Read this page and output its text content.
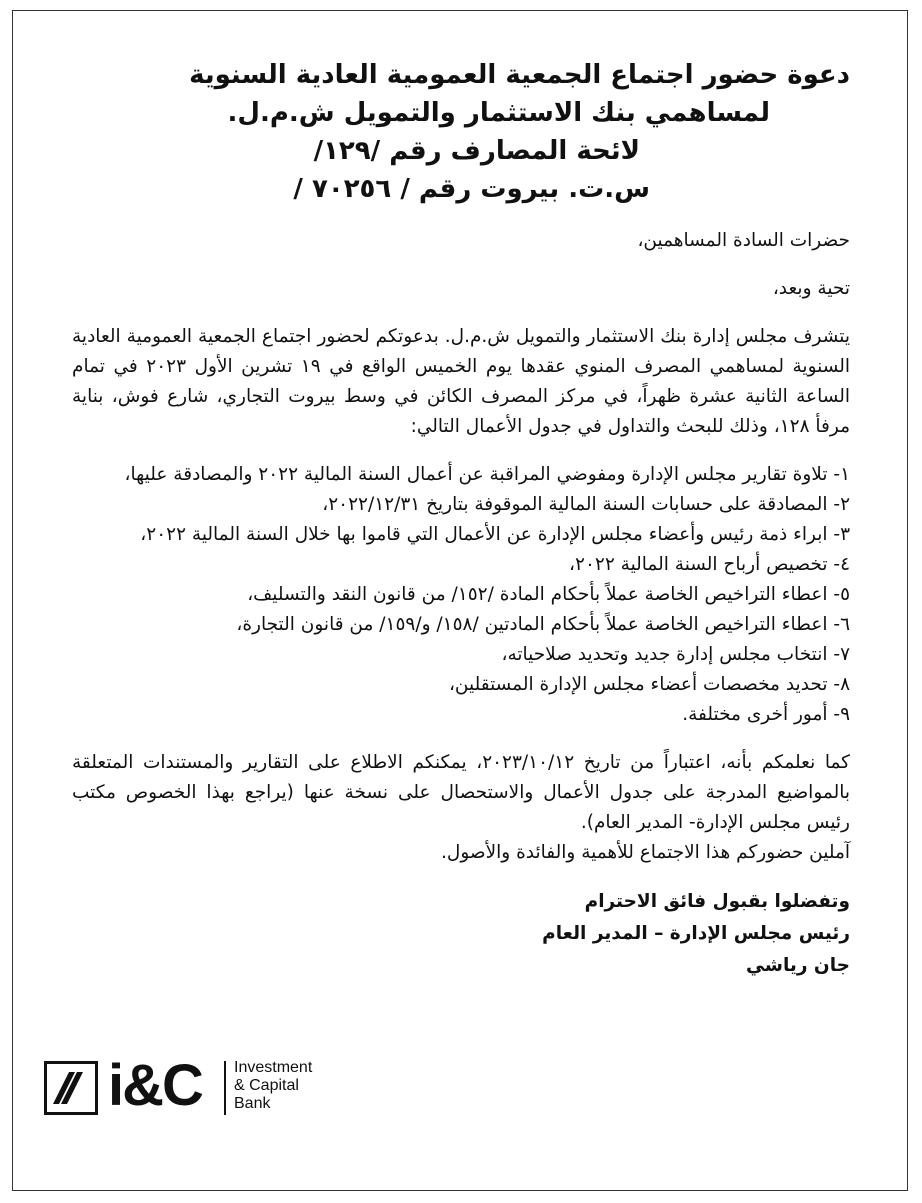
دعوة حضور اجتماع الجمعية العمومية العادية السنوية
لمساهمي بنك الاستثمار والتمويل ش.م.ل.
لائحة المصارف رقم /١٢٩/
س.ت. بيروت رقم / ٧٠٢٥٦ /

حضرات السادة المساهمين،

تحية وبعد،

يتشرف مجلس إدارة بنك الاستثمار والتمويل ش.م.ل. بدعوتكم لحضور اجتماع الجمعية العمومية العادية السنوية لمساهمي المصرف المنوي عقدها يوم الخميس الواقع في ١٩ تشرين الأول ٢٠٢٣ في تمام الساعة الثانية عشرة ظهراً، في مركز المصرف الكائن في وسط بيروت التجاري، شارع فوش، بناية مرفأ ١٢٨، وذلك للبحث والتداول في جدول الأعمال التالي:

١- تلاوة تقارير مجلس الإدارة ومفوضي المراقبة عن أعمال السنة المالية ٢٠٢٢ والمصادقة عليها،
٢- المصادقة على حسابات السنة المالية الموقوفة بتاريخ ٢٠٢٢/١٢/٣١،
٣- ابراء ذمة رئيس وأعضاء مجلس الإدارة عن الأعمال التي قاموا بها خلال السنة المالية ٢٠٢٢،
٤- تخصيص أرباح السنة المالية ٢٠٢٢،
٥- اعطاء التراخيص الخاصة عملاً بأحكام المادة /١٥٢/ من قانون النقد والتسليف،
٦- اعطاء التراخيص الخاصة عملاً بأحكام المادتين /١٥٨/ و/١٥٩/ من قانون التجارة،
٧- انتخاب مجلس إدارة جديد وتحديد صلاحياته،
٨- تحديد مخصصات أعضاء مجلس الإدارة المستقلين،
٩- أمور أخرى مختلفة.

كما نعلمكم بأنه، اعتباراً من تاريخ ٢٠٢٣/١٠/١٢، يمكنكم الاطلاع على التقارير والمستندات المتعلقة بالمواضيع المدرجة على جدول الأعمال والاستحصال على نسخة عنها (يراجع بهذا الخصوص مكتب رئيس مجلس الإدارة- المدير العام).

آملين حضوركم هذا الاجتماع للأهمية والفائدة والأصول.

وتفضلوا بقبول فائق الاحترام
رئيس مجلس الإدارة – المدير العام
جان رياشي
i&C Investment
& Capital
Bank
